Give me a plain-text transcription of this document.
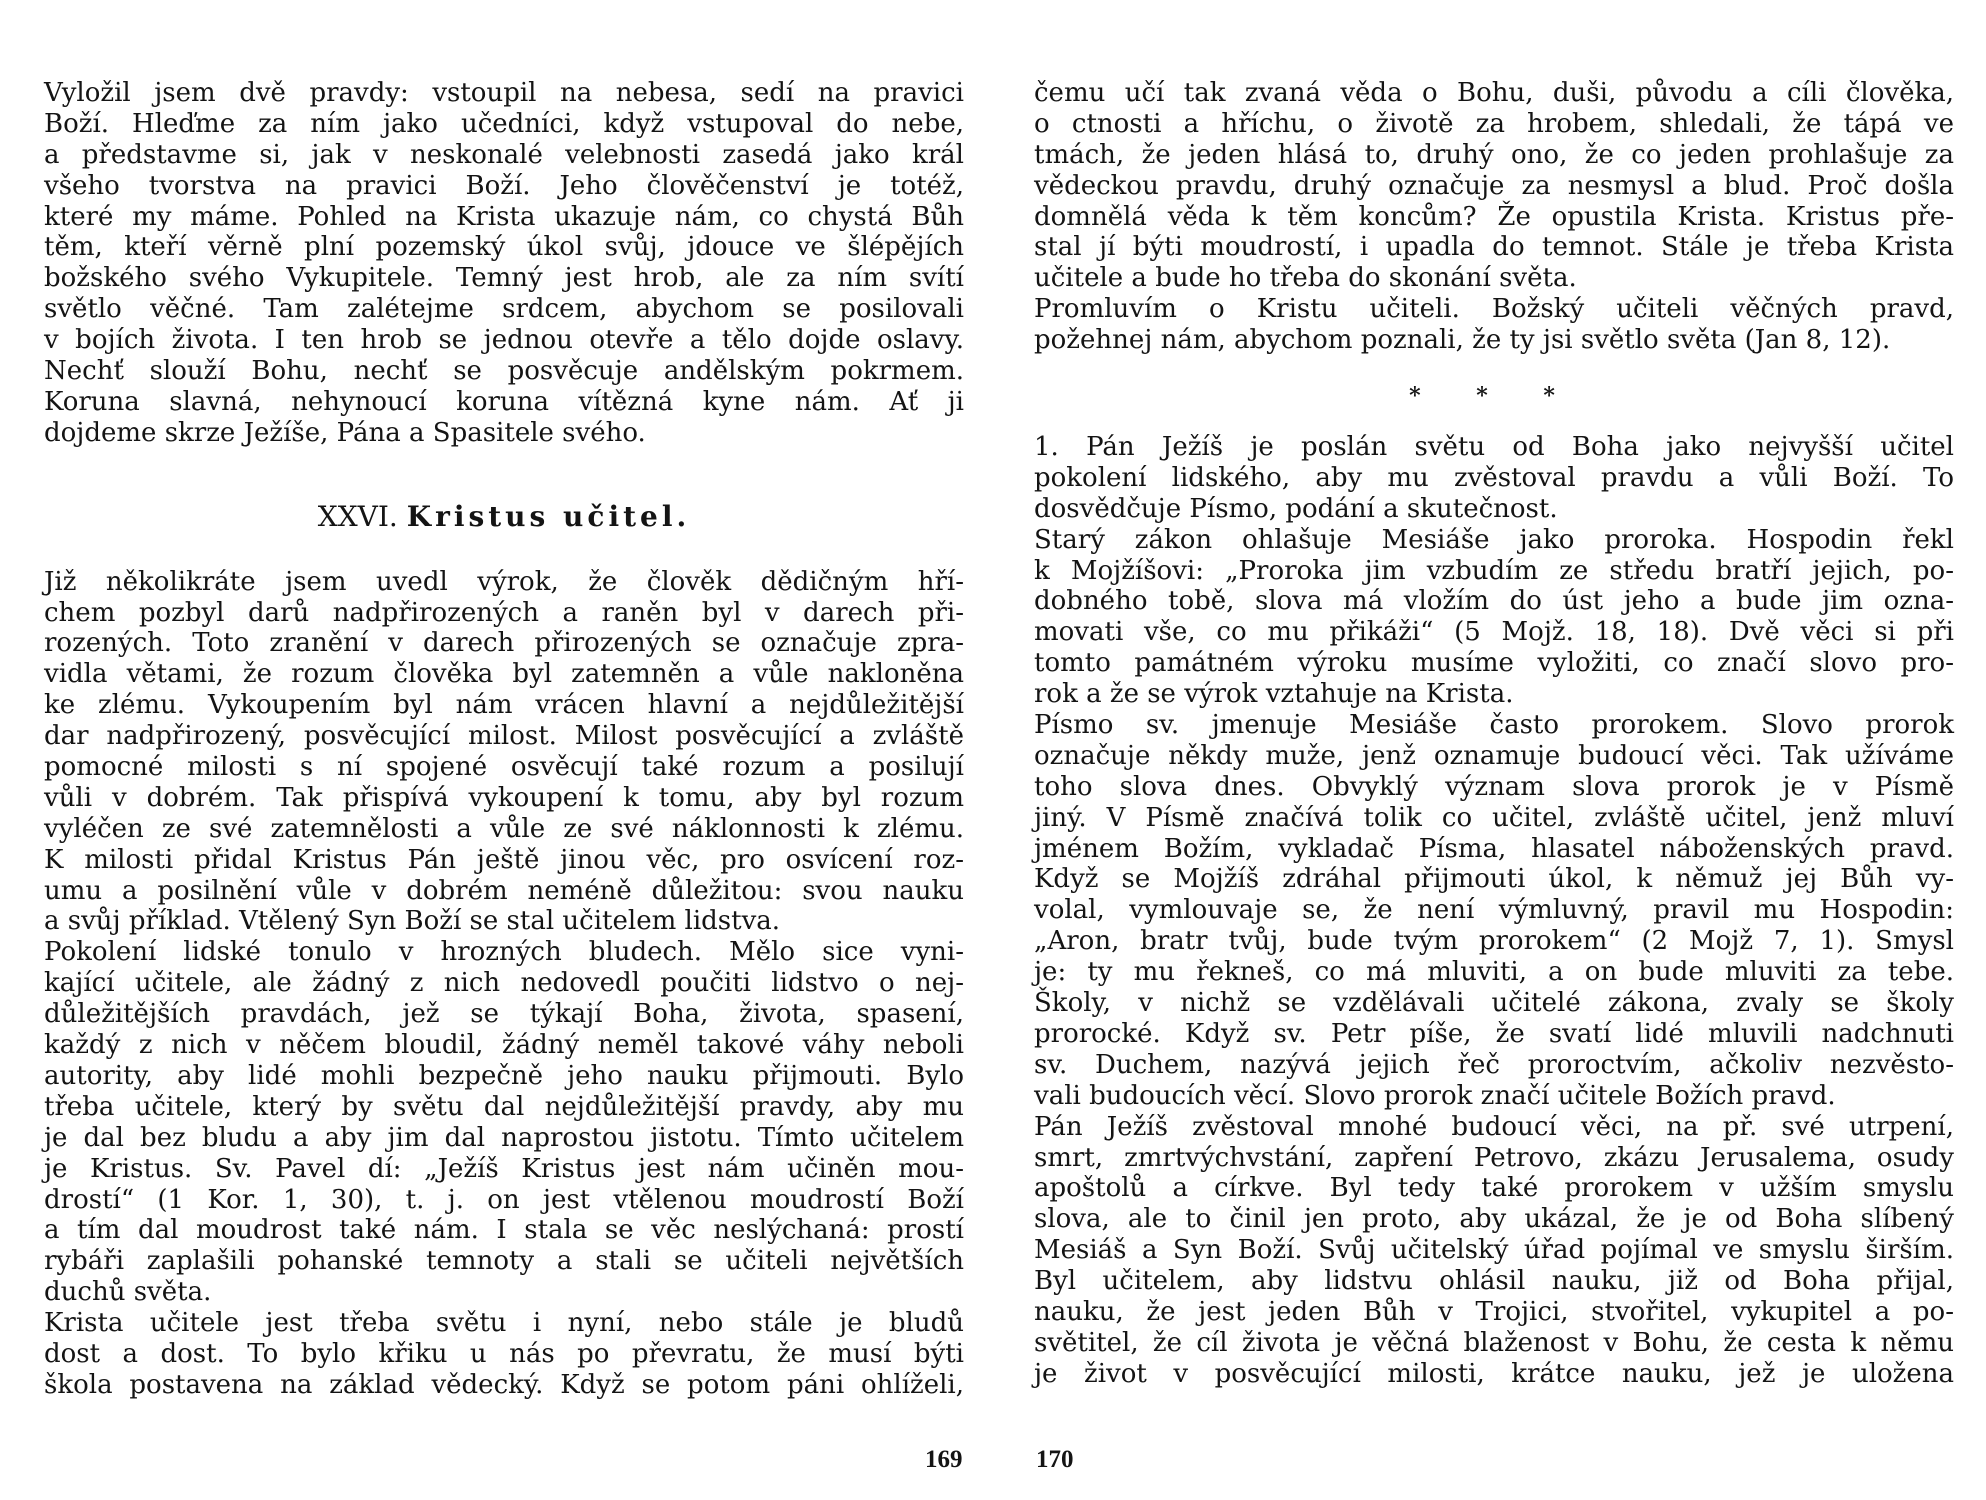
Vyložil jsem dvě pravdy: vstoupil na nebesa, sedí na pravici
Boží. Hleďme za ním jako učedníci, když vstupoval do nebe,
a představme si, jak v neskonalé velebnosti zasedá jako král
všeho tvorstva na pravici Boží. Jeho člověčenství je totéž,
které my máme. Pohled na Krista ukazuje nám, co chystá Bůh
těm, kteří věrně plní pozemský úkol svůj, jdouce ve šlépějích
božského svého Vykupitele. Temný jest hrob, ale za ním svítí
světlo věčné. Tam zalétejme srdcem, abychom se posilovali
v bojích života. I ten hrob se jednou otevře a tělo dojde oslavy.
Nechť slouží Bohu, nechť se posvěcuje andělským pokrmem.
Koruna slavná, nehynoucí koruna vítězná kyne nám. Ať ji
dojdeme skrze Ježíše, Pána a Spasitele svého.
XXVI. Kristus učitel.
Již několikráte jsem uvedl výrok, že člověk dědičným hří-
chem pozbyl darů nadpřirozených a raněn byl v darech při-
rozených. Toto zranění v darech přirozených se označuje zpra-
vidla větami, že rozum člověka byl zatemněn a vůle nakloněna
ke zlému. Vykoupením byl nám vrácen hlavní a nejdůležitější
dar nadpřirozený, posvěcující milost. Milost posvěcující a zvláště
pomocné milosti s ní spojené osvěcují také rozum a posilují
vůli v dobrém. Tak přispívá vykoupení k tomu, aby byl rozum
vyléčen ze své zatemnělosti a vůle ze své náklonnosti k zlému.
K milosti přidal Kristus Pán ještě jinou věc, pro osvícení roz-
umu a posilnění vůle v dobrém neméně důležitou: svou nauku
a svůj příklad. Vtělený Syn Boží se stal učitelem lidstva.
Pokolení lidské tonulo v hrozných bludech. Mělo sice vyni-
kající učitele, ale žádný z nich nedovedl poučiti lidstvo o nej-
důležitějších pravdách, jež se týkají Boha, života, spasení,
každý z nich v něčem bloudil, žádný neměl takové váhy neboli
autority, aby lidé mohli bezpečně jeho nauku přijmouti. Bylo
třeba učitele, který by světu dal nejdůležitější pravdy, aby mu
je dal bez bludu a aby jim dal naprostou jistotu. Tímto učitelem
je Kristus. Sv. Pavel dí: „Ježíš Kristus jest nám učiněn mou-
drostí“ (1 Kor. 1, 30), t. j. on jest vtělenou moudrostí Boží
a tím dal moudrost také nám. I stala se věc neslýchaná: prostí
rybáři zaplašili pohanské temnoty a stali se učiteli největších
duchů světa.
Krista učitele jest třeba světu i nyní, nebo stále je bludů
dost a dost. To bylo křiku u nás po převratu, že musí býti
škola postavena na základ vědecký. Když se potom páni ohlíželi,
čemu učí tak zvaná věda o Bohu, duši, původu a cíli člověka,
o ctnosti a hříchu, o životě za hrobem, shledali, že tápá ve
tmách, že jeden hlásá to, druhý ono, že co jeden prohlašuje za
vědeckou pravdu, druhý označuje za nesmysl a blud. Proč došla
domnělá věda k těm koncům? Že opustila Krista. Kristus pře-
stal jí býti moudrostí, i upadla do temnot. Stále je třeba Krista
učitele a bude ho třeba do skonání světa.
Promluvím o Kristu učiteli. Božský učiteli věčných pravd,
požehnej nám, abychom poznali, že ty jsi světlo světa (Jan 8, 12).
* * *
1. Pán Ježíš je poslán světu od Boha jako nejvyšší učitel
pokolení lidského, aby mu zvěstoval pravdu a vůli Boží. To
dosvědčuje Písmo, podání a skutečnost.
Starý zákon ohlašuje Mesiáše jako proroka. Hospodin řekl
k Mojžíšovi: „Proroka jim vzbudím ze středu bratří jejich, po-
dobného tobě, slova má vložím do úst jeho a bude jim ozna-
movati vše, co mu přikáži“ (5 Mojž. 18, 18). Dvě věci si při
tomto památném výroku musíme vyložiti, co značí slovo pro-
rok a že se výrok vztahuje na Krista.
Písmo sv. jmenuje Mesiáše často prorokem. Slovo prorok
označuje někdy muže, jenž oznamuje budoucí věci. Tak užíváme
toho slova dnes. Obvyklý význam slova prorok je v Písmě
jiný. V Písmě značívá tolik co učitel, zvláště učitel, jenž mluví
jménem Božím, vykladač Písma, hlasatel náboženských pravd.
Když se Mojžíš zdráhal přijmouti úkol, k němuž jej Bůh vy-
volal, vymlouvaje se, že není výmluvný, pravil mu Hospodin:
„Aron, bratr tvůj, bude tvým prorokem“ (2 Mojž 7, 1). Smysl
je: ty mu řekneš, co má mluviti, a on bude mluviti za tebe.
Školy, v nichž se vzdělávali učitelé zákona, zvaly se školy
prorocké. Když sv. Petr píše, že svatí lidé mluvili nadchnuti
sv. Duchem, nazývá jejich řeč proroctvím, ačkoliv nezvěsto-
vali budoucích věcí. Slovo prorok značí učitele Božích pravd.
Pán Ježíš zvěstoval mnohé budoucí věci, na př. své utrpení,
smrt, zmrtvýchvstání, zapření Petrovo, zkázu Jerusalema, osudy
apoštolů a církve. Byl tedy také prorokem v užším smyslu
slova, ale to činil jen proto, aby ukázal, že je od Boha slíbený
Mesiáš a Syn Boží. Svůj učitelský úřad pojímal ve smyslu širším.
Byl učitelem, aby lidstvu ohlásil nauku, již od Boha přijal,
nauku, že jest jeden Bůh v Trojici, stvořitel, vykupitel a po-
světitel, že cíl života je věčná blaženost v Bohu, že cesta k němu
je život v posvěcující milosti, krátce nauku, jež je uložena
169	170
